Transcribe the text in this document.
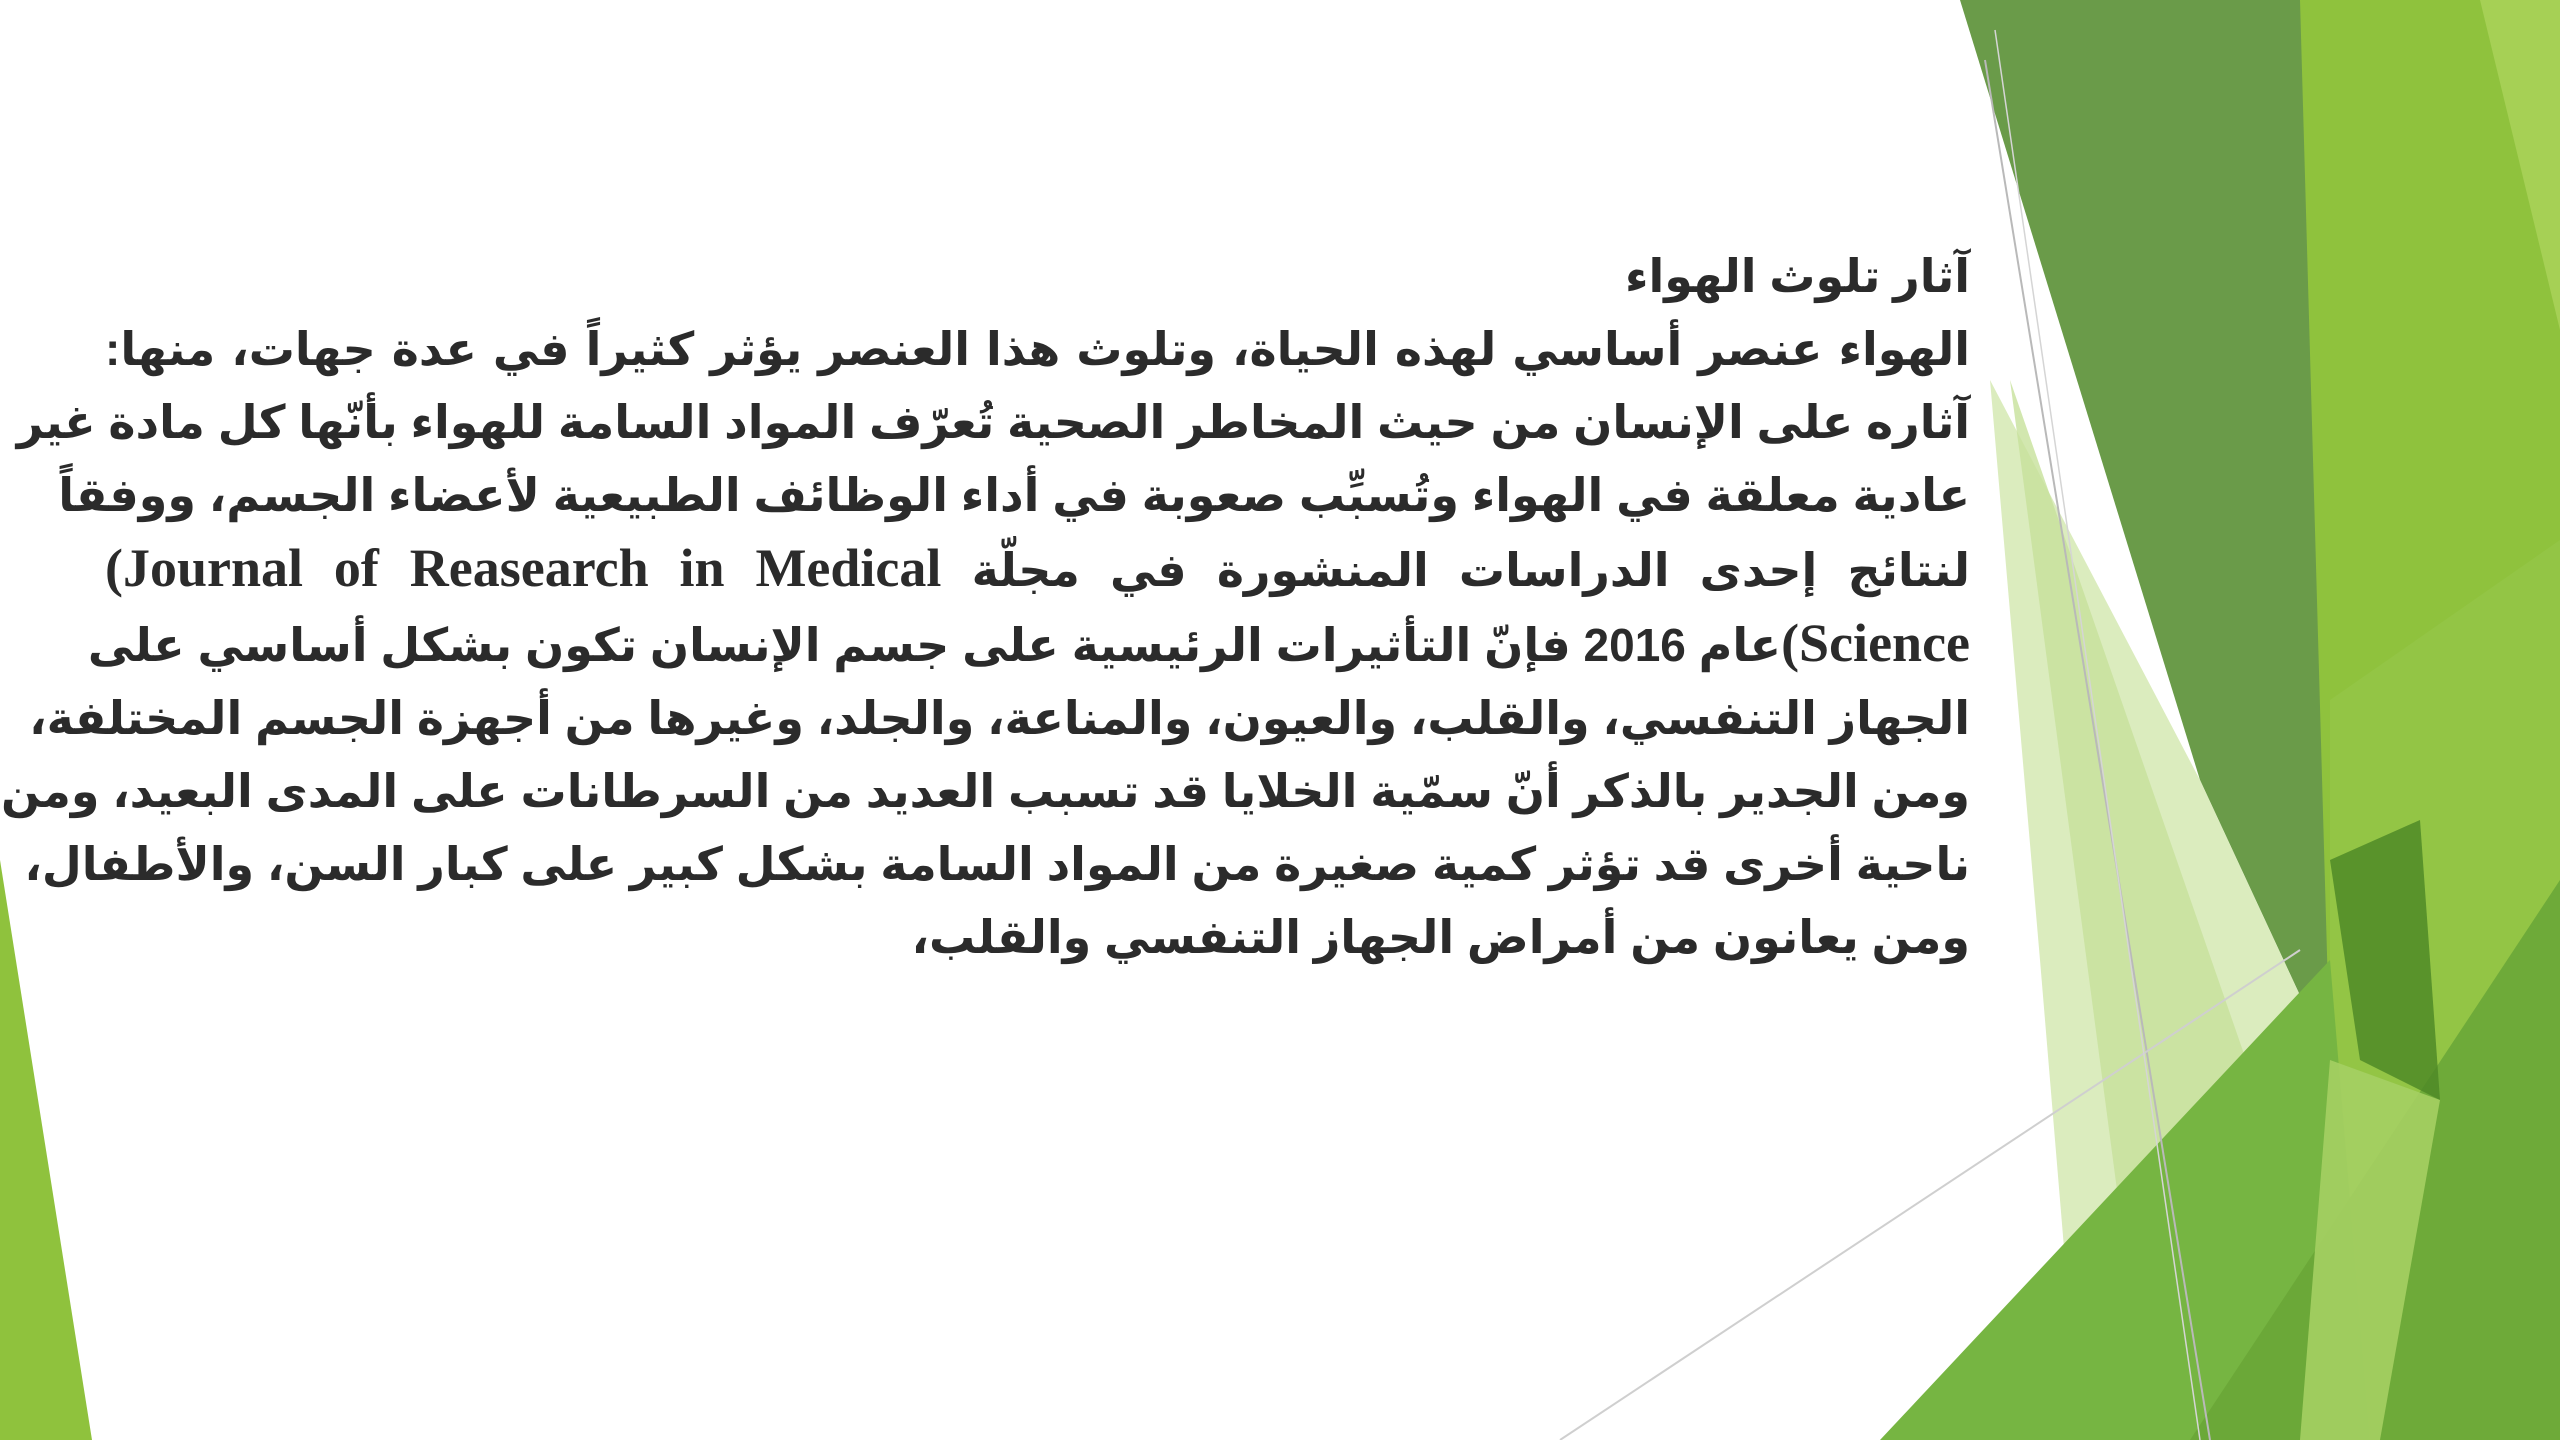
آثار تلوث الهواء

الهواء عنصر أساسي لهذه الحياة، وتلوث هذا العنصر يؤثر كثيراً في عدة جهات، منها:

آثاره على الإنسان من حيث المخاطر الصحية تُعرّف المواد السامة للهواء بأنّها كل مادة غير

عادية معلقة في الهواء وتُسبِّب صعوبة في أداء الوظائف الطبيعية لأعضاء الجسم، ووفقاً

لنتائج إحدى الدراسات المنشورة في مجلّة (Journal of Reasearch in Medical

(Scienceعام 2016 فإنّ التأثيرات الرئيسية على جسم الإنسان تكون بشكل أساسي على

الجهاز التنفسي، والقلب، والعيون، والمناعة، والجلد، وغيرها من أجهزة الجسم المختلفة،

ومن الجدير بالذكر أنّ سمّية الخلايا قد تسبب العديد من السرطانات على المدى البعيد، ومن

ناحية أخرى قد تؤثر كمية صغيرة من المواد السامة بشكل كبير على كبار السن، والأطفال،

ومن يعانون من أمراض الجهاز التنفسي والقلب،
